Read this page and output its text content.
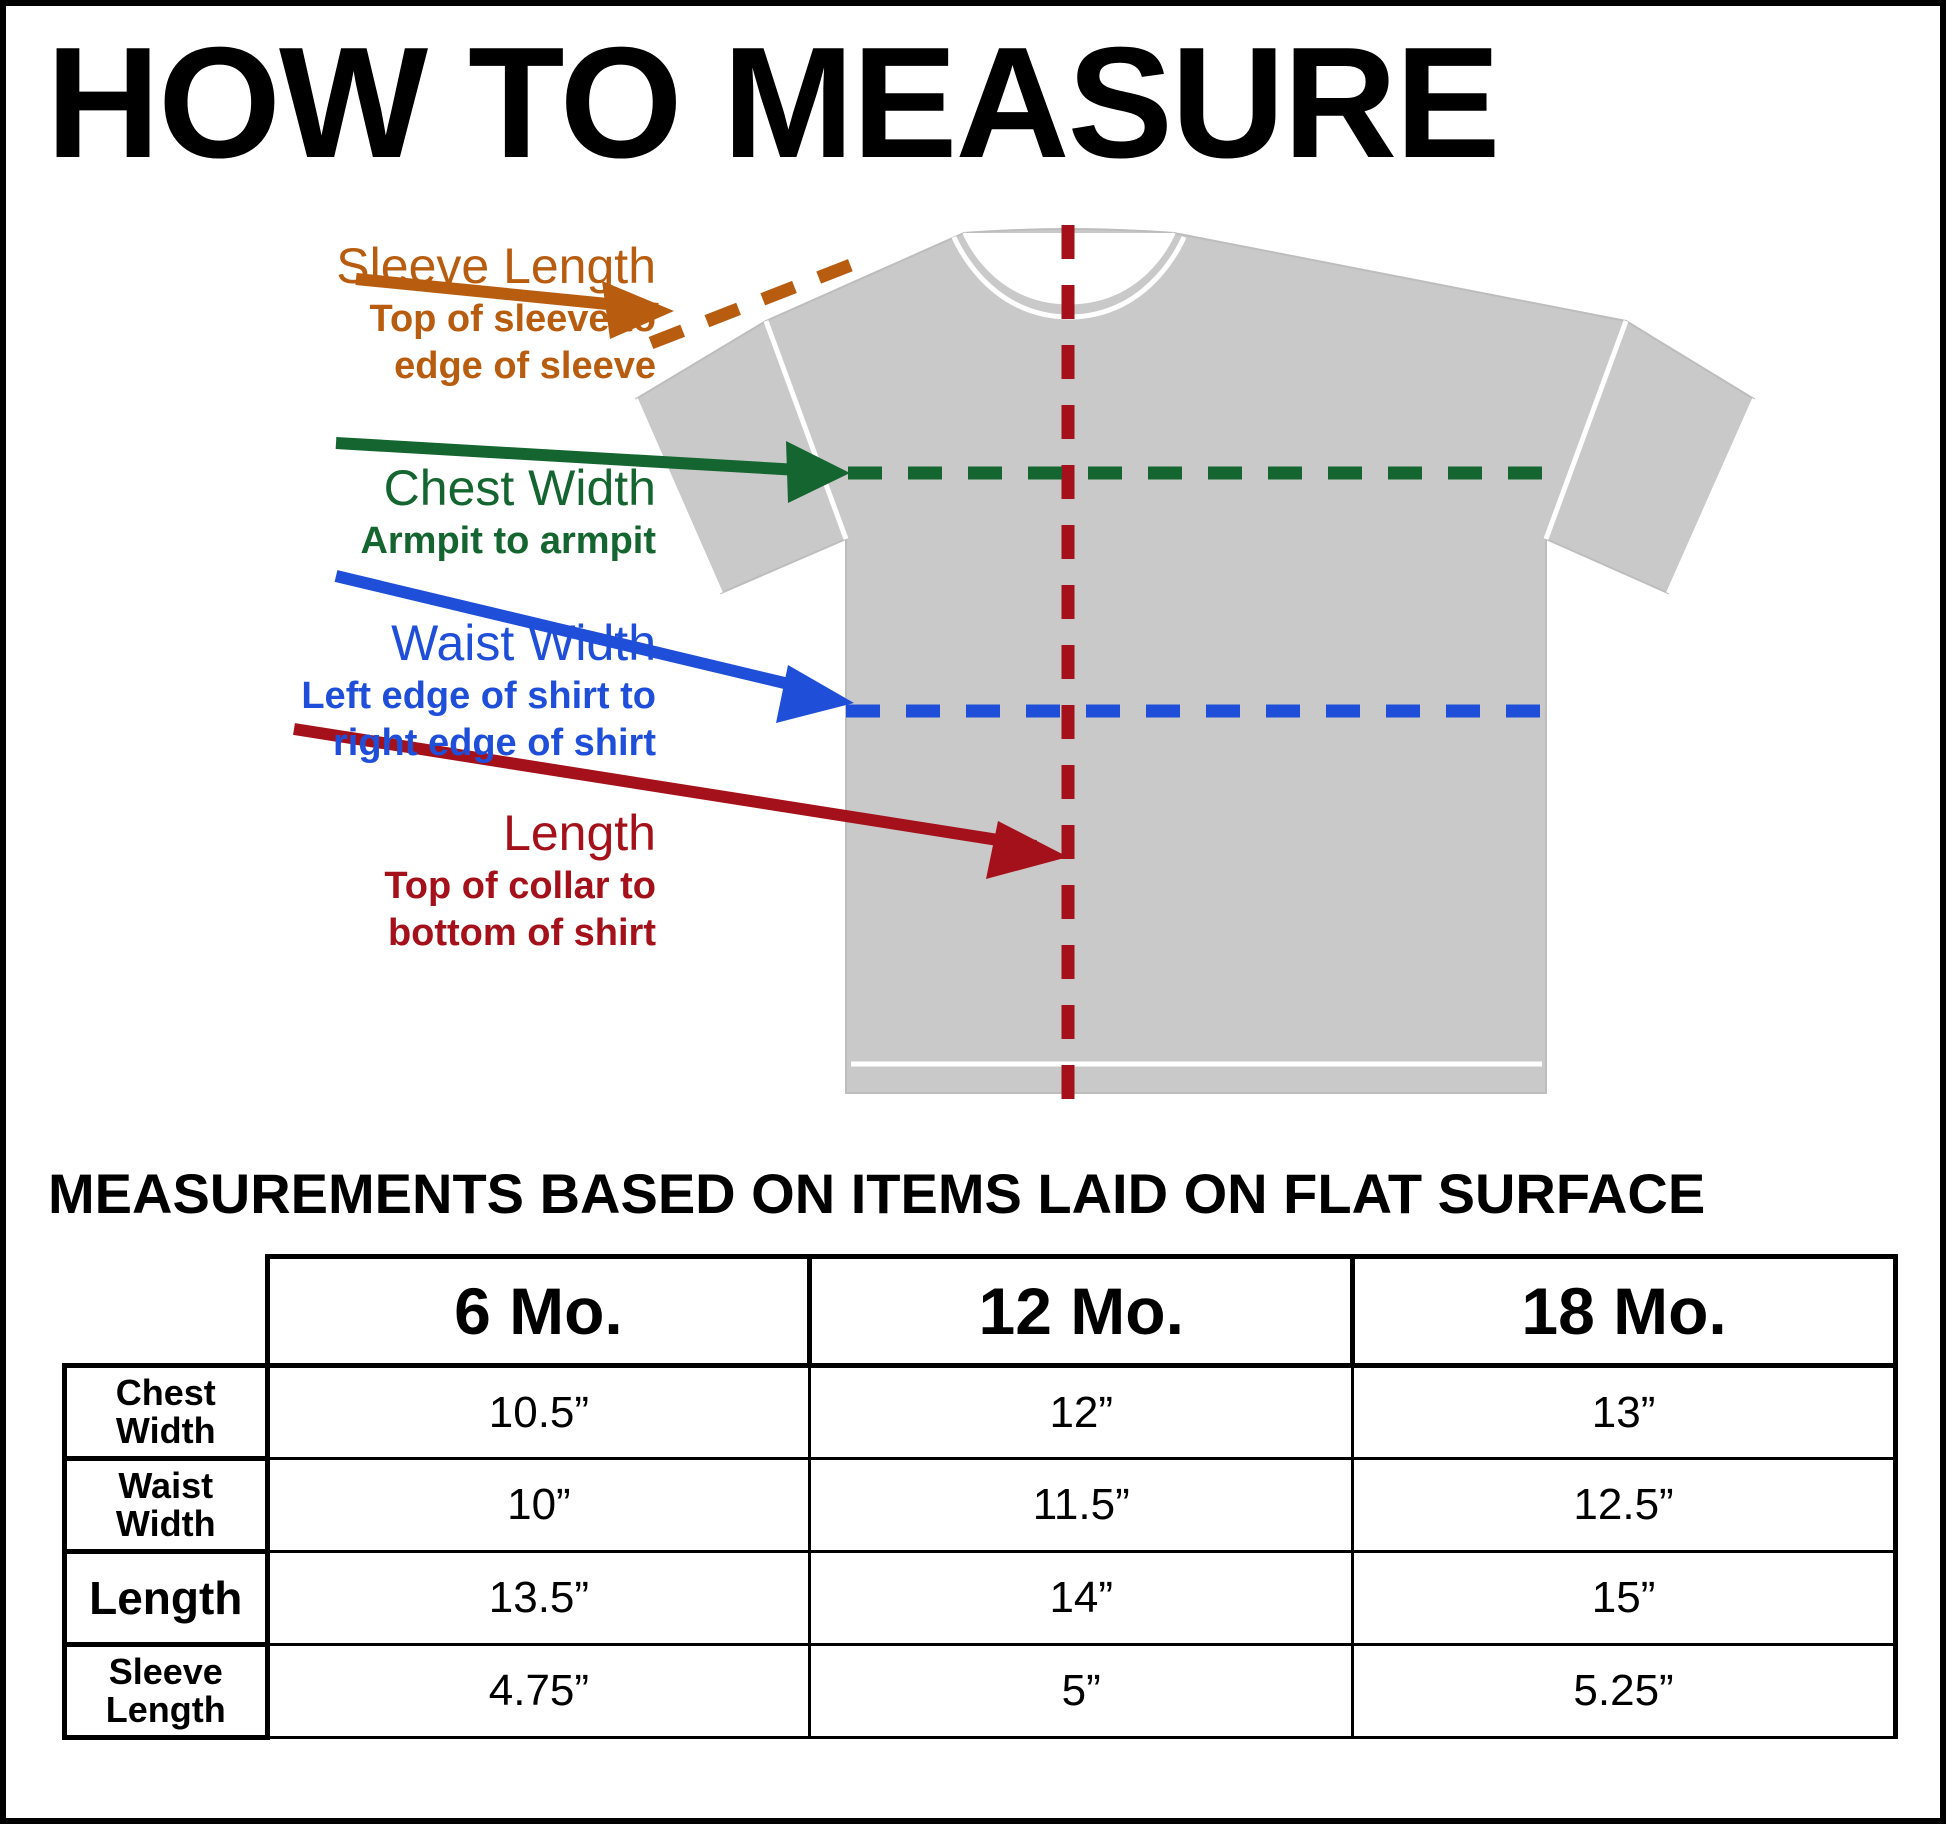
HOW TO MEASURE
Sleeve Length
Top of sleeve to
edge of sleeve
Chest Width
Armpit to armpit
Waist Width
Left edge of shirt to
right edge of shirt
Length
Top of collar to
bottom of shirt
MEASUREMENTS BASED ON ITEMS LAID ON FLAT SURFACE
	6 Mo.	12 Mo.	18 Mo.

Chest
Width	10.5”	12”	13”

Waist
Width	10”	11.5”	12.5”

Length	13.5”	14”	15”

Sleeve
Length	4.75”	5”	5.25”
